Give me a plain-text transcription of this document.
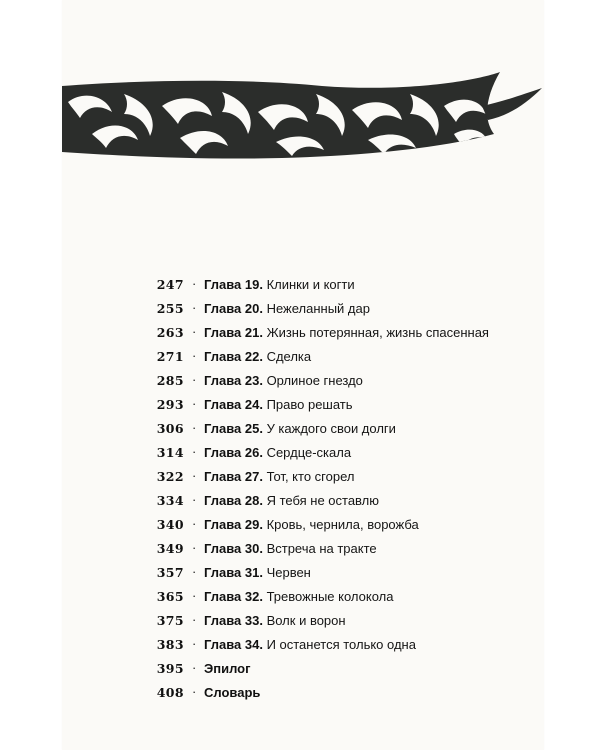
247 · Глава 19. Клинки и когти
255 · Глава 20. Нежеланный дар
263 · Глава 21. Жизнь потерянная, жизнь спасенная
271 · Глава 22. Сделка
285 · Глава 23. Орлиное гнездо
293 · Глава 24. Право решать
306 · Глава 25. У каждого свои долги
314 · Глава 26. Сердце-скала
322 · Глава 27. Тот, кто сгорел
334 · Глава 28. Я тебя не оставлю
340 · Глава 29. Кровь, чернила, ворожба
349 · Глава 30. Встреча на тракте
357 · Глава 31. Червен
365 · Глава 32. Тревожные колокола
375 · Глава 33. Волк и ворон
383 · Глава 34. И останется только одна
395 · Эпилог
408 · Словарь
